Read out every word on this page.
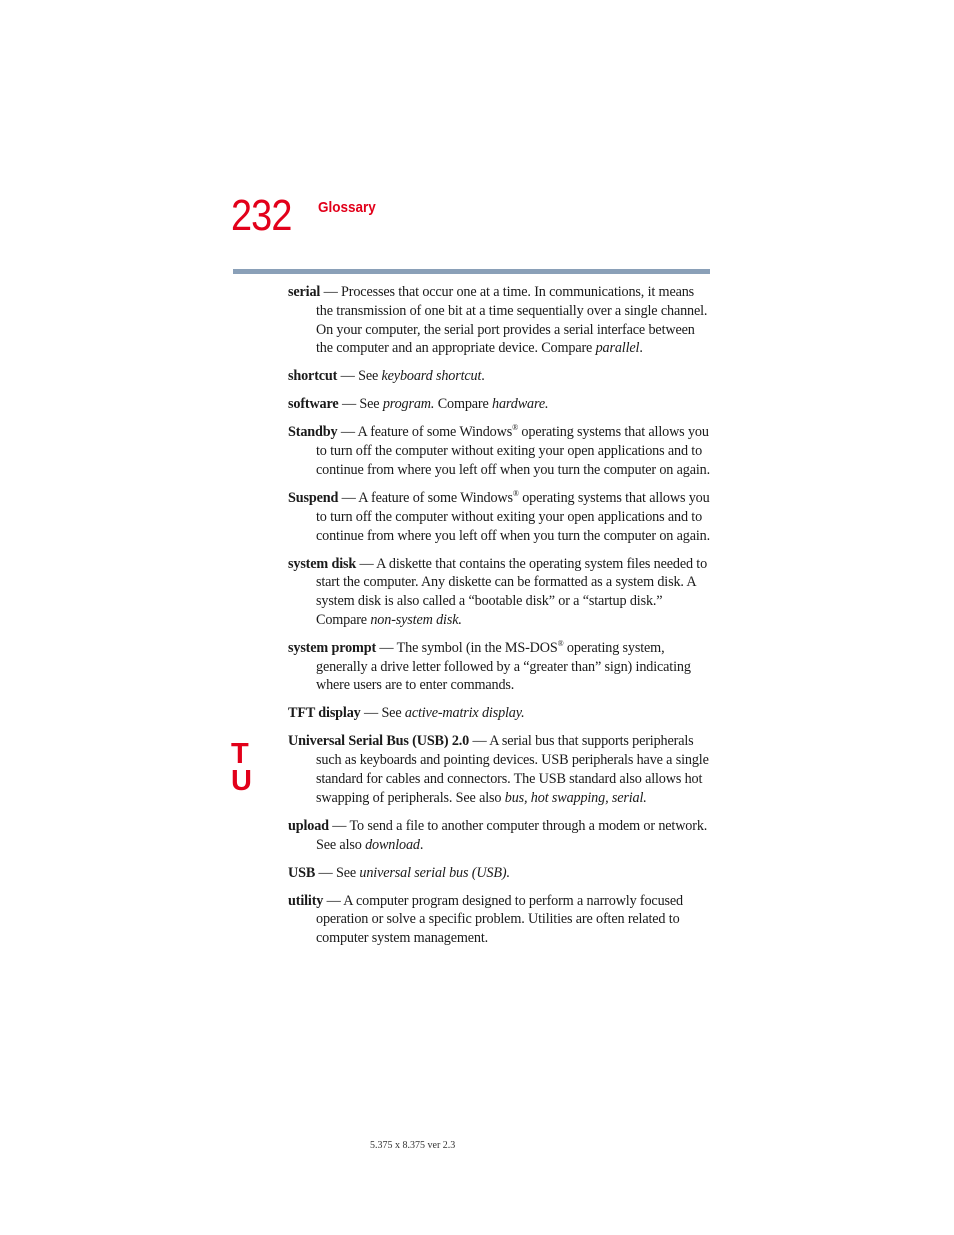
232 Glossary
T
U

serial — Processes that occur one at a time. In communications, it means the transmission of one bit at a time sequentially over a single channel. On your computer, the serial port provides a serial interface between the computer and an appropriate device. Compare parallel.

shortcut — See keyboard shortcut.

software — See program. Compare hardware.

Standby — A feature of some Windows® operating systems that allows you to turn off the computer without exiting your open applications and to continue from where you left off when you turn the computer on again.

Suspend — A feature of some Windows® operating systems that allows you to turn off the computer without exiting your open applications and to continue from where you left off when you turn the computer on again.

system disk — A diskette that contains the operating system files needed to start the computer. Any diskette can be formatted as a system disk. A system disk is also called a “bootable disk” or a “startup disk.” Compare non-system disk.

system prompt — The symbol (in the MS-DOS® operating system, generally a drive letter followed by a “greater than” sign) indicating where users are to enter commands.

TFT display — See active-matrix display.

Universal Serial Bus (USB) 2.0 — A serial bus that supports peripherals such as keyboards and pointing devices. USB peripherals have a single standard for cables and connectors. The USB standard also allows hot swapping of peripherals. See also bus, hot swapping, serial.

upload — To send a file to another computer through a modem or network. See also download.

USB — See universal serial bus (USB).

utility — A computer program designed to perform a narrowly focused operation or solve a specific problem. Utilities are often related to computer system management.

5.375 x 8.375 ver 2.3
